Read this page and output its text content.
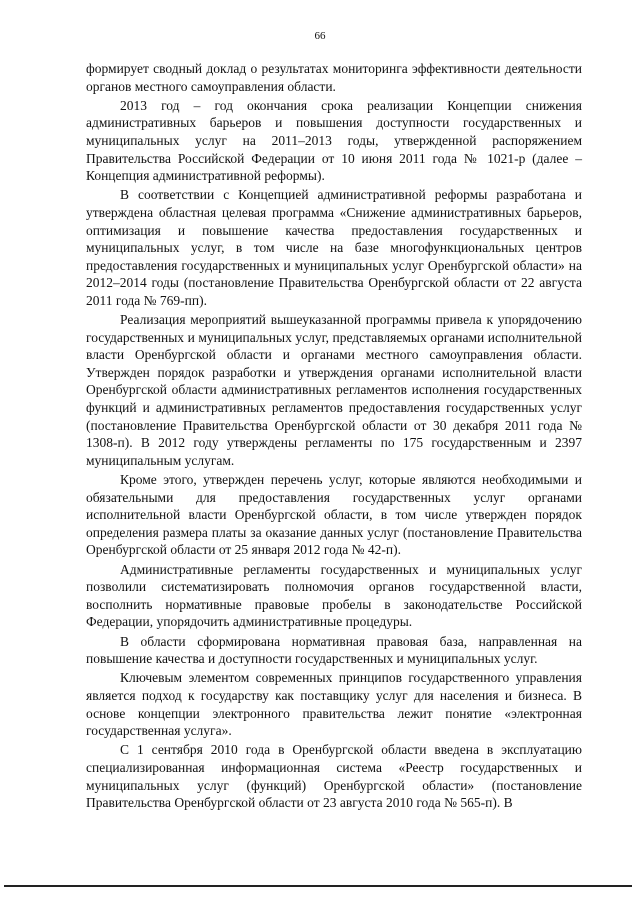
66

формирует сводный доклад о результатах мониторинга эффективности деятельности органов местного самоуправления области.

2013 год – год окончания срока реализации Концепции снижения административных барьеров и повышения доступности государственных и муниципальных услуг на 2011–2013 годы, утвержденной распоряжением Правительства Российской Федерации от 10 июня 2011 года № 1021-р (далее – Концепция административной реформы).

В соответствии с Концепцией административной реформы разработана и утверждена областная целевая программа «Снижение административных барьеров, оптимизация и повышение качества предоставления государственных и муниципальных услуг, в том числе на базе многофункциональных центров предоставления государственных и муниципальных услуг Оренбургской области» на 2012–2014 годы (постановление Правительства Оренбургской области от 22 августа 2011 года № 769-пп).

Реализация мероприятий вышеуказанной программы привела к упорядочению государственных и муниципальных услуг, представляемых органами исполнительной власти Оренбургской области и органами местного самоуправления области. Утвержден порядок разработки и утверждения органами исполнительной власти Оренбургской области административных регламентов исполнения государственных функций и административных регламентов предоставления государственных услуг (постановление Правительства Оренбургской области от 30 декабря 2011 года № 1308-п). В 2012 году утверждены регламенты по 175 государственным и 2397 муниципальным услугам.

Кроме этого, утвержден перечень услуг, которые являются необходимыми и обязательными для предоставления государственных услуг органами исполнительной власти Оренбургской области, в том числе утвержден порядок определения размера платы за оказание данных услуг (постановление Правительства Оренбургской области от 25 января 2012 года № 42-п).

Административные регламенты государственных и муниципальных услуг позволили систематизировать полномочия органов государственной власти, восполнить нормативные правовые пробелы в законодательстве Российской Федерации, упорядочить административные процедуры.

В области сформирована нормативная правовая база, направленная на повышение качества и доступности государственных и муниципальных услуг.

Ключевым элементом современных принципов государственного управления является подход к государству как поставщику услуг для населения и бизнеса. В основе концепции электронного правительства лежит понятие «электронная государственная услуга».

С 1 сентября 2010 года в Оренбургской области введена в эксплуатацию специализированная информационная система «Реестр государственных и муниципальных услуг (функций) Оренбургской области» (постановление Правительства Оренбургской области от 23 августа 2010 года № 565-п). В
